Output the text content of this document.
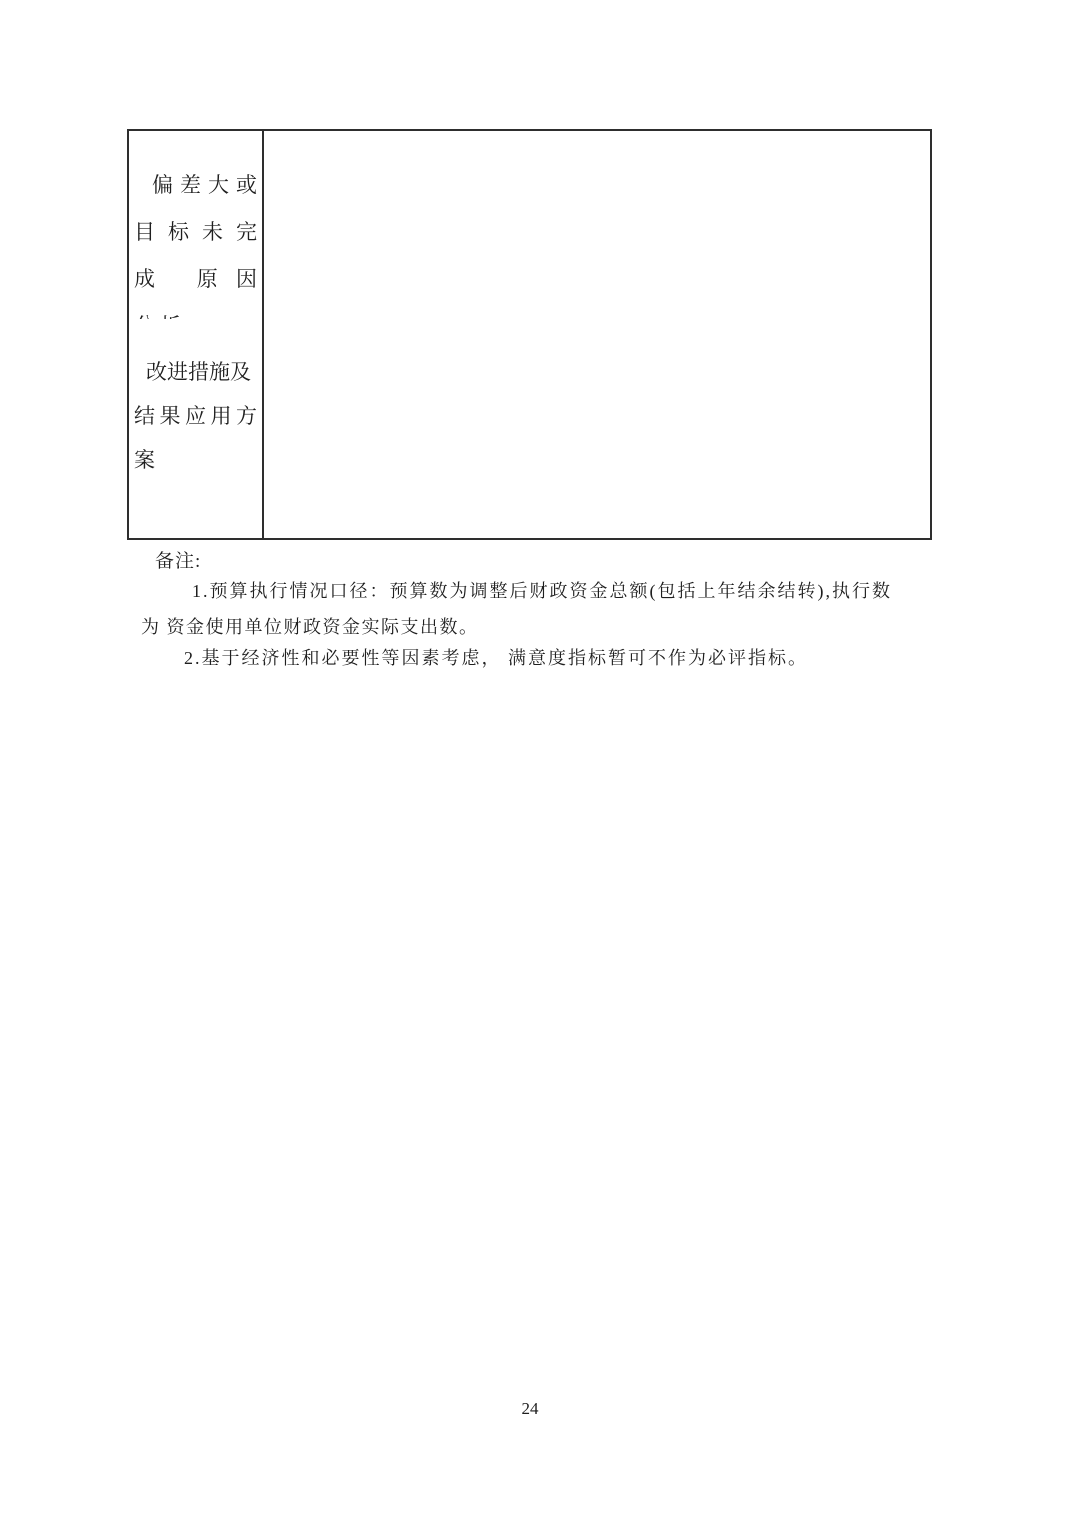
偏差大或
目标未完
成 原因
改进措施及
结果应用方
案
备注:
1.预算执行情况口径：预算数为调整后财政资金总额(包括上年结余结转),执行数
为 资金使用单位财政资金实际支出数。
2.基于经济性和必要性等因素考虑， 满意度指标暂可不作为必评指标。
24
